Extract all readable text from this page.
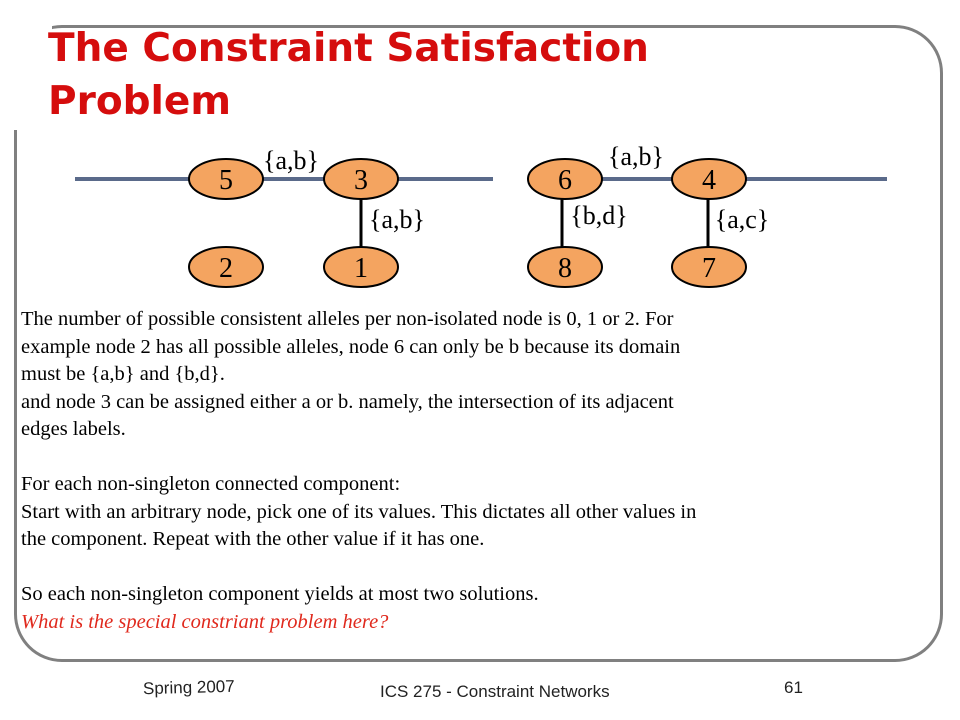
The Constraint Satisfaction Problem
{a,b}
{a,b}
{a,b}
{b,d}	{a,c}
5	3	6	4
2	1	8	7

The number of possible consistent alleles per non-isolated node is 0, 1 or 2. For

example node 2 has all possible alleles, node 6 can only be b because its domain

must be {a,b} and {b,d}.

and node 3 can be assigned either a or b. namely, the intersection of its adjacent

edges labels.

For each non-singleton connected component:

Start with an arbitrary node, pick one of its values. This dictates all other values in

the component. Repeat with the other value if it has one.

So each non-singleton component yields at most two solutions.

What is the special constriant problem here?

Spring 2007	ICS 275 - Constraint Networks	61
